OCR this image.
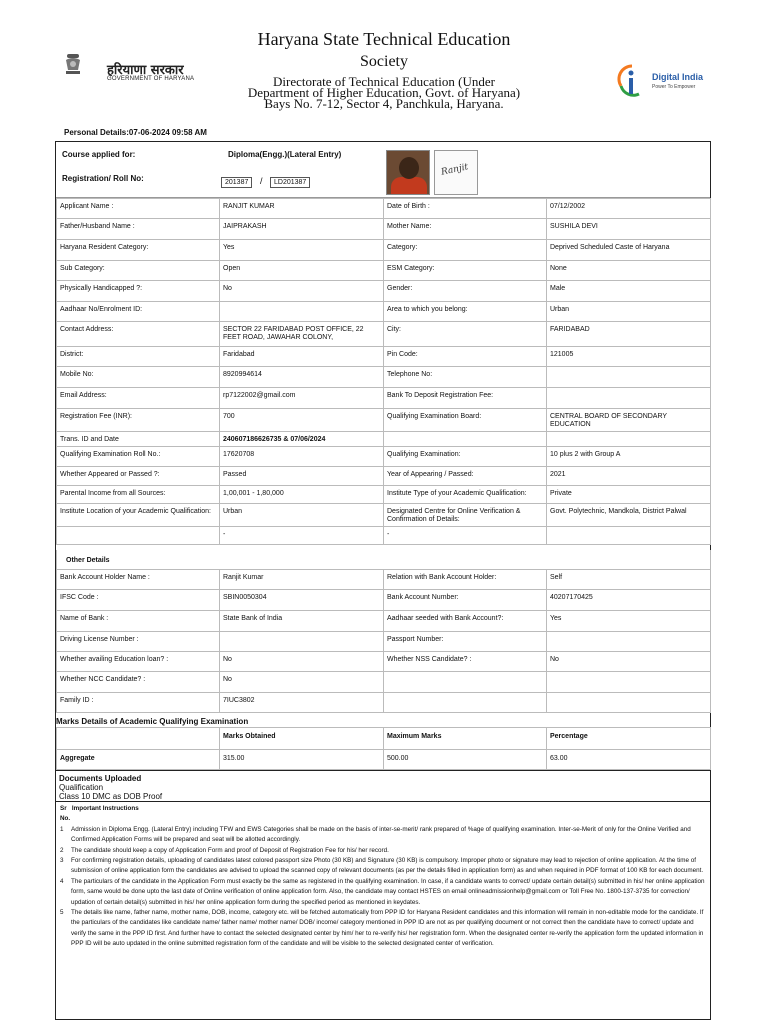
हरियाणा सरकार
GOVERNMENT OF HARYANA
Haryana State Technical Education
Society
Directorate of Technical Education (Under
Department of Higher Education, Govt. of Haryana)
Bays No. 7-12, Sector 4, Panchkula, Haryana.
Digital India
Power To Empower
Personal Details:07-06-2024 09:58 AM
Course applied for:	Diploma(Engg.)(Lateral Entry)
Registration/ Roll No:	201387	/	LD201387
Ranjit
Applicant Name :	RANJIT KUMAR	Date of Birth :	07/12/2002
Father/Husband Name :	JAIPRAKASH	Mother Name:	SUSHILA DEVI
Haryana Resident Category:	Yes	Category:	Deprived Scheduled Caste of Haryana
Sub Category:	Open	ESM Category:	None
Physically Handicapped ?:	No	Gender:	Male
Aadhaar No/Enrolment ID:		Area to which you belong:	Urban
Contact Address:	SECTOR 22 FARIDABAD POST OFFICE, 22 FEET ROAD, JAWAHAR COLONY,	City:	FARIDABAD
District:	Faridabad	Pin Code:	121005
Mobile No:	8920994614	Telephone No:	
Email Address:	rp7122002@gmail.com	Bank To Deposit Registration Fee:	
Registration Fee (INR):	700	Qualifying Examination Board:	CENTRAL BOARD OF SECONDARY EDUCATION
Trans. ID and Date	240607186626735 & 07/06/2024		
Qualifying Examination Roll No.:	17620708	Qualifying Examination:	10 plus 2 with Group A
Whether Appeared or Passed ?:	Passed	Year of Appearing / Passed:	2021
Parental Income from all Sources:	1,00,001 - 1,80,000	Institute Type of your Academic Qualification:	Private
Institute Location of your Academic Qualification:	Urban	Designated Centre for Online Verification & Confirmation of Details:	Govt. Polytechnic, Mandkola, District Palwal
	-	-	
Other Details			
Bank Account Holder Name :	Ranjit Kumar	Relation with Bank Account Holder:	Self
IFSC Code :	SBIN0050304	Bank Account Number:	40207170425
Name of Bank :	State Bank of India	Aadhaar seeded with Bank Account?:	Yes
Driving License Number :		Passport Number:	
Whether availing Education loan? :	No	Whether NSS Candidate? :	No
Whether NCC Candidate? :	No		
Family ID :	7IUC3802		
Marks Details of Academic Qualifying Examination
	Marks Obtained	Maximum Marks	Percentage
Aggregate	315.00	500.00	63.00
Documents Uploaded
Qualification
Class 10 DMC as DOB Proof
Sr Important Instructions
No.
1 Admission in Diploma Engg. (Lateral Entry) including TFW and EWS Categories shall be made on the basis of inter-se-merit/ rank prepared of %age of qualifying examination. Inter-se-Merit of only for the Online Verified and Confirmed Application Forms will be prepared and seat will be allotted accordingly.
2 The candidate should keep a copy of Application Form and proof of Deposit of Registration Fee for his/ her record.
3 For confirming registration details, uploading of candidates latest colored passport size Photo (30 KB) and Signature (30 KB) is compulsory. Improper photo or signature may lead to rejection of online application. At the time of submission of online application form the candidates are advised to upload the scanned copy of relevant documents (as per the details filled in application form) as and when required in PDF format of 100 KB for each document.
4 The particulars of the candidate in the Application Form must exactly be the same as registered in the qualifying examination. In case, if a candidate wants to correct/ update certain detail(s) submitted in his/ her online application form, same would be done upto the last date of Online verification of online application form. Also, the candidate may contact HSTES on email onlineadmissionhelp@gmail.com or Toll Free No. 1800-137-3735 for correction/ updation of certain detail(s) submitted in his/ her online application form during the specified period as mentioned in keydates.
5 The details like name, father name, mother name, DOB, income, category etc. will be fetched automatically from PPP ID for Haryana Resident candidates and this information will remain in non-editable mode for the candidate. If the particulars of the candidates like candidate name/ father name/ mother name/ DOB/ income/ category mentioned in PPP ID are not as per qualifying document or not correct then the candidate have to correct/ update and verify the same in the PPP ID first. And further have to contact the selected designated center by him/ her to re-verify his/ her registration form. When the designated center re-verify the application form the updated information in PPP ID will be auto updated in the online submitted registration form of the candidate and will be visible to the selected designated center of verification.
